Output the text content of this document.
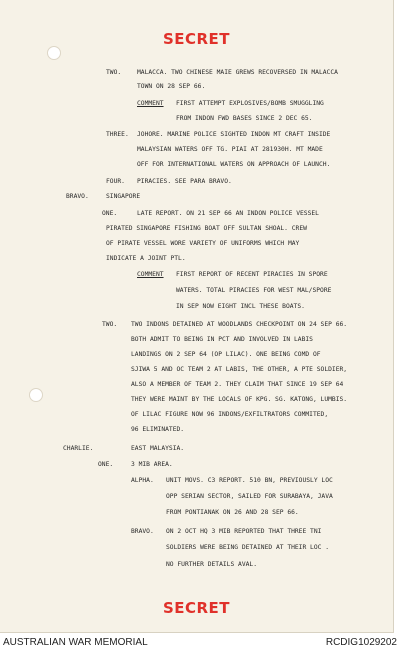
SECRET
TWO.	MALACCA. TWO CHINESE MAIE GREWS RECOVERSED IN MALACCA
TOWN ON 28 SEP 66.
COMMENT FIRST ATTEMPT EXPLOSIVES/BOMB SMUGGLING
FROM INDON FWD BASES SINCE 2 DEC 65.
THREE. JOHORE. MARINE POLICE SIGHTED INDON MT CRAFT INSIDE
MALAYSIAN WATERS OFF TG. PIAI AT 281930H. MT MADE
OFF FOR INTERNATIONAL WATERS ON APPROACH OF LAUNCH.
FOUR. PIRACIES. SEE PARA BRAVO.
BRAVO.	SINGAPORE
ONE.	LATE REPORT. ON 21 SEP 66 AN INDON POLICE VESSEL
PIRATED SINGAPORE FISHING BOAT OFF SULTAN SHOAL. CREW
OF PIRATE VESSEL WORE VARIETY OF UNIFORMS WHICH MAY
INDICATE A JOINT PTL.
COMMENT FIRST REPORT OF RECENT PIRACIES IN SPORE
WATERS. TOTAL PIRACIES FOR WEST MAL/SPORE
IN SEP NOW EIGHT INCL THESE BOATS.
TWO. TWO INDONS DETAINED AT WOODLANDS CHECKPOINT ON 24 SEP 66.
BOTH ADMIT TO BEING IN PCT AND INVOLVED IN LABIS
LANDINGS ON 2 SEP 64 (OP LILAC). ONE BEING COMD OF
SJIWA 5 AND OC TEAM 2 AT LABIS, THE OTHER, A PTE SOLDIER,
ALSO A MEMBER OF TEAM 2. THEY CLAIM THAT SINCE 19 SEP 64
THEY WERE MAINT BY THE LOCALS OF KPG. SG. KATONG, LUMBIS.
OF LILAC FIGURE NOW 96 INDONS/EXFILTRATORS COMMITED,
96 ELIMINATED.
CHARLIE.	EAST MALAYSIA.
ONE.	3 MIB AREA.
ALPHA. UNIT MOVS. C3 REPORT. 510 BN, PREVIOUSLY LOC
OPP SERIAN SECTOR, SAILED FOR SURABAYA, JAVA
FROM PONTIANAK ON 26 AND 28 SEP 66.
BRAVO. ON 2 OCT HQ 3 MIB REPORTED THAT THREE TNI
SOLDIERS WERE BEING DETAINED AT THEIR LOC .
NO FURTHER DETAILS AVAL.
SECRET
AUSTRALIAN WAR MEMORIAL	RCDIG1029202
